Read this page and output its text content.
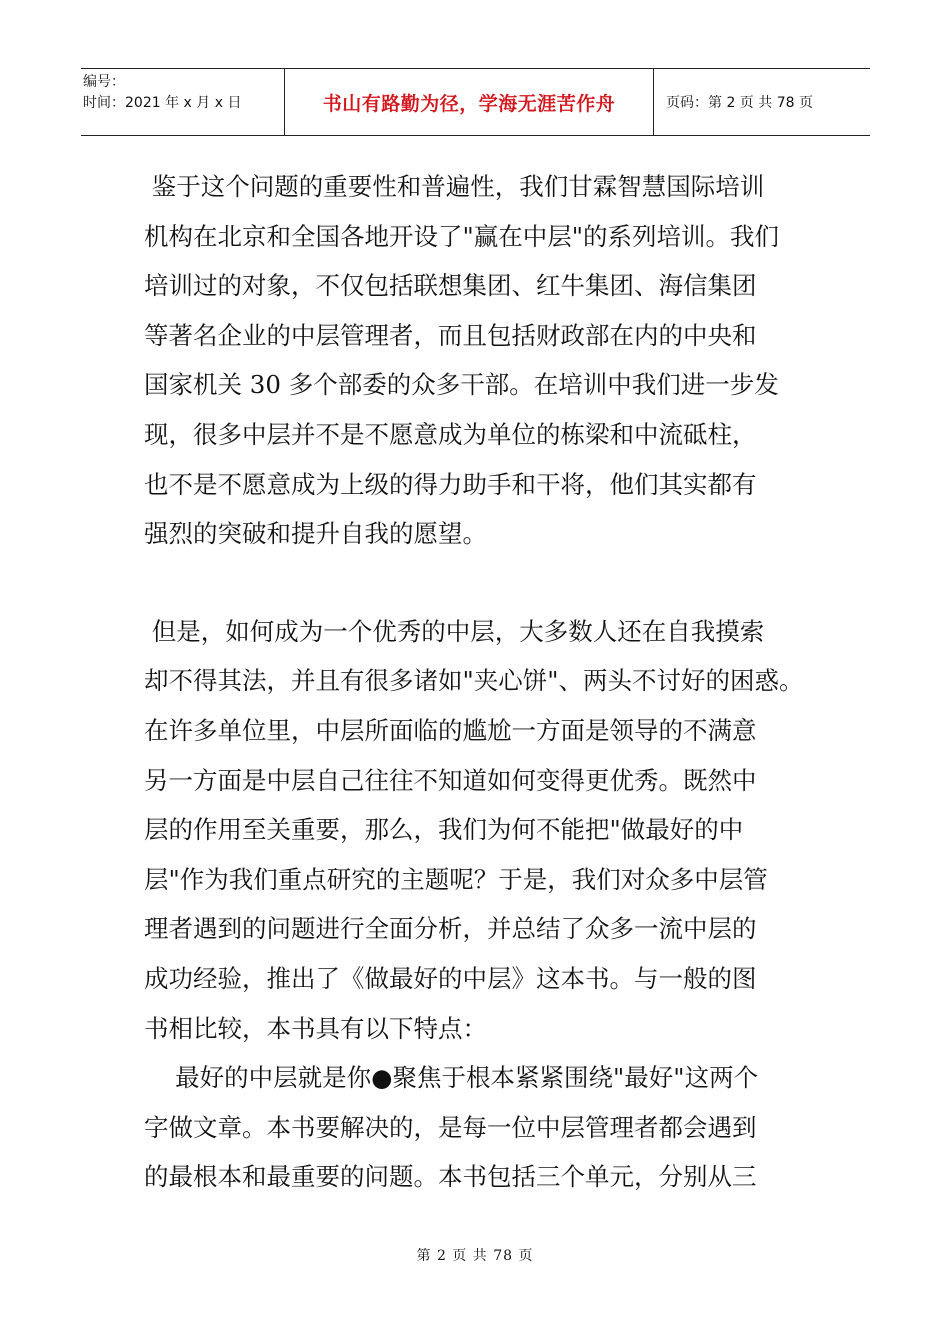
编号：
时间：2021 年 x 月 x 日	书山有路勤为径，学海无涯苦作舟	页码：第 2 页 共 78 页

鉴于这个问题的重要性和普遍性，我们甘霖智慧国际培训

机构在北京和全国各地开设了"赢在中层"的系列培训。我们

培训过的对象，不仅包括联想集团、红牛集团、海信集团

等著名企业的中层管理者，而且包括财政部在内的中央和

国家机关 30 多个部委的众多干部。在培训中我们进一步发

现，很多中层并不是不愿意成为单位的栋梁和中流砥柱，

也不是不愿意成为上级的得力助手和干将，他们其实都有

强烈的突破和提升自我的愿望。

但是，如何成为一个优秀的中层，大多数人还在自我摸索

却不得其法，并且有很多诸如"夹心饼"、两头不讨好的困惑。

在许多单位里，中层所面临的尴尬一方面是领导的不满意

另一方面是中层自己往往不知道如何变得更优秀。既然中

层的作用至关重要，那么，我们为何不能把"做最好的中

层"作为我们重点研究的主题呢？于是，我们对众多中层管

理者遇到的问题进行全面分析，并总结了众多一流中层的

成功经验，推出了《做最好的中层》这本书。与一般的图

书相比较，本书具有以下特点：

最好的中层就是你●聚焦于根本紧紧围绕"最好"这两个

字做文章。本书要解决的，是每一位中层管理者都会遇到

的最根本和最重要的问题。本书包括三个单元，分别从三

第 2 页 共 78 页
